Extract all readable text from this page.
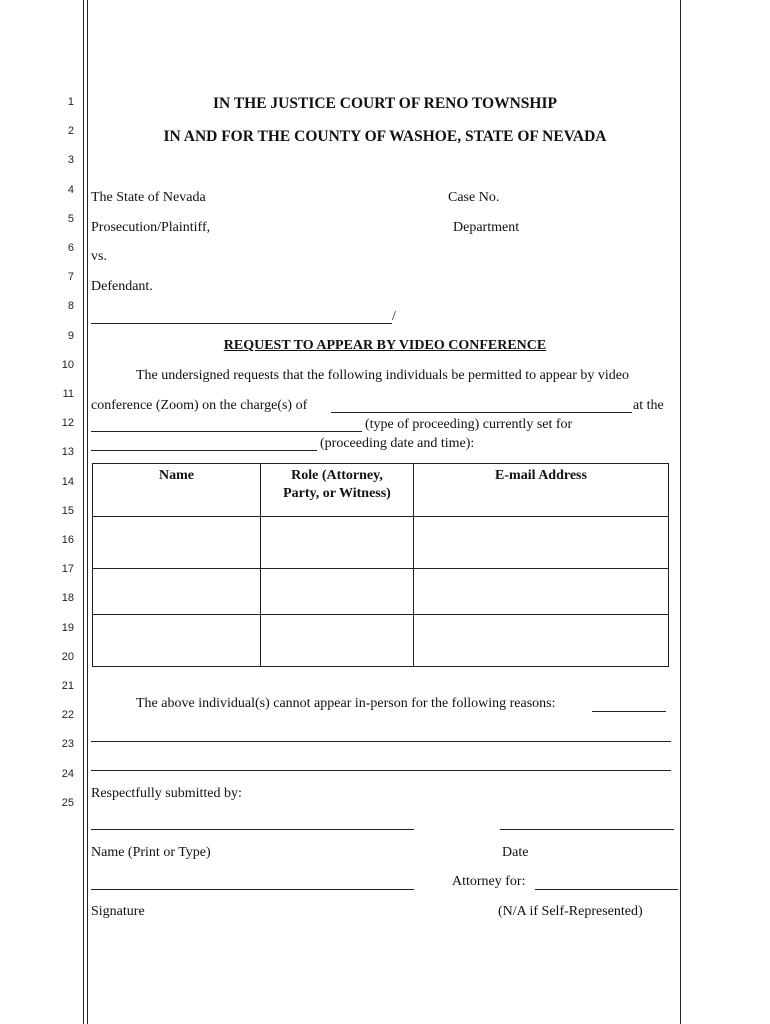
1
2
3
4
5
6
7
8
9
10
11
12
13
14
15
16
17
18
19
20
21
22
23
24
25
IN THE JUSTICE COURT OF RENO TOWNSHIP
IN AND FOR THE COUNTY OF WASHOE, STATE OF NEVADA
The State of Nevada	Case No.
Prosecution/Plaintiff,	Department
vs.
Defendant.
/
REQUEST TO APPEAR BY VIDEO CONFERENCE
The undersigned requests that the following individuals be permitted to appear by video
conference (Zoom) on the charge(s) of	at the
(type of proceeding) currently set for
(proceeding date and time):
Name	Role (Attorney, Party, or Witness)	E-mail Address

The above individual(s) cannot appear in-person for the following reasons:
Respectfully submitted by:
Name (Print or Type)	Date
Attorney for:
Signature	(N/A if Self-Represented)
